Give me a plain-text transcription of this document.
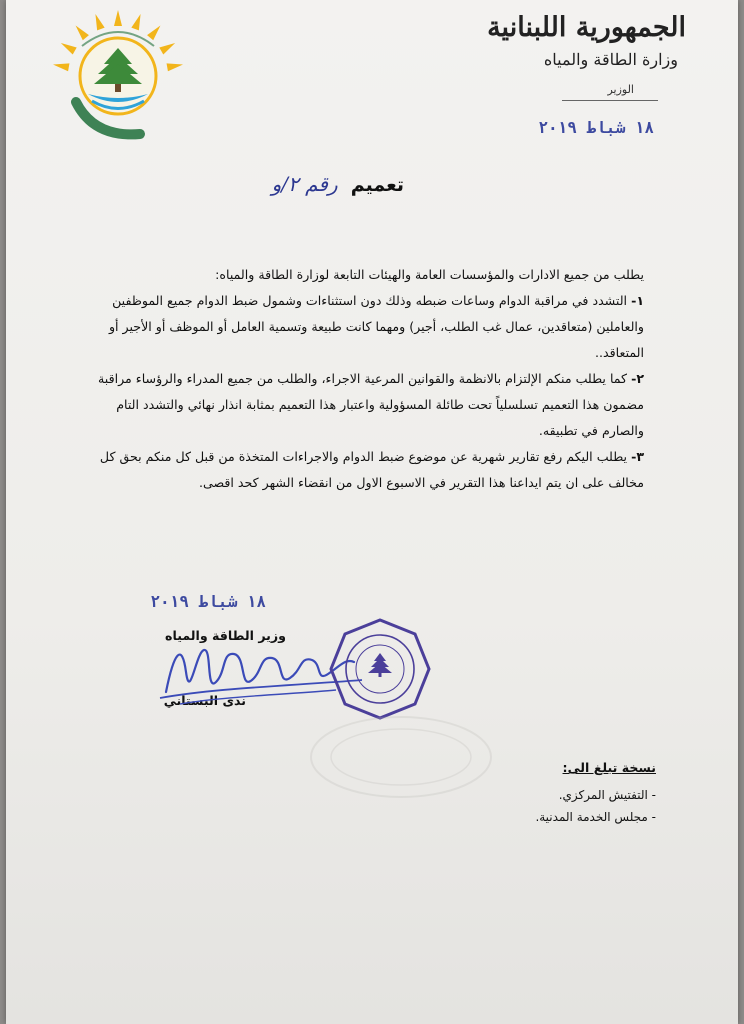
الجمهورية اللبنانية
وزارة الطاقة والمياه
الوزير
١٨ شباط ٢٠١٩
تعميم رقم ٢/و

يطلب من جميع الادارات والمؤسسات العامة والهيئات التابعة لوزارة الطاقة والمياه:

١- التشدد في مراقبة الدوام وساعات ضبطه وذلك دون استثناءات وشمول ضبط الدوام جميع الموظفين والعاملين (متعاقدين، عمال غب الطلب، أجير) ومهما كانت طبيعة وتسمية العامل أو الموظف أو الأجير أو المتعاقد..

٢- كما يطلب منكم الإلتزام بالانظمة والقوانين المرعية الاجراء، والطلب من جميع المدراء والرؤساء مراقبة مضمون هذا التعميم تسلسلياً تحت طائلة المسؤولية واعتبار هذا التعميم بمثابة انذار نهائي والتشدد التام والصارم في تطبيقه.

٣- يطلب اليكم رفع تقارير شهرية عن موضوع ضبط الدوام والاجراءات المتخذة من قبل كل منكم بحق كل مخالف على ان يتم ايداعنا هذا التقرير في الاسبوع الاول من انقضاء الشهر كحد اقصى.

١٨ شباط ٢٠١٩
وزير الطاقة والمياه
ندى البستاني
نسخة تبلغ الى:
- التفتيش المركزي.
- مجلس الخدمة المدنية.
